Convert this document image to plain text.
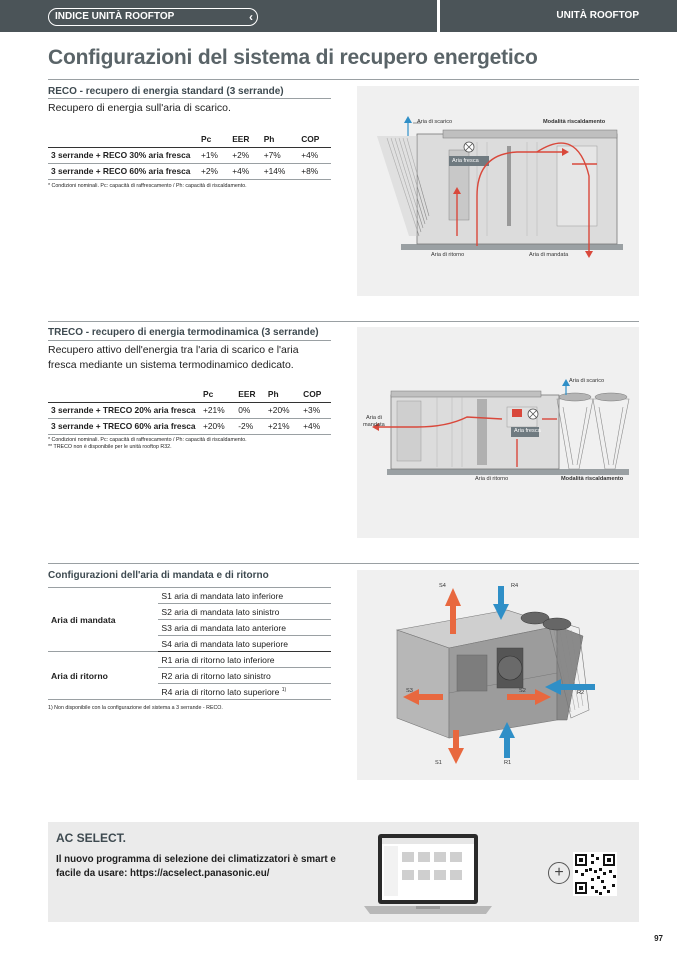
INDICE UNITÀ ROOFTOP	‹	UNITÀ ROOFTOP
Configurazioni del sistema di recupero energetico
RECO - recupero di energia standard (3 serrande)
Recupero di energia sull'aria di scarico.
	Pc	EER	Ph	COP
3 serrande + RECO 30% aria fresca	+1%	+2%	+7%	+4%
3 serrande + RECO 60% aria fresca	+2%	+4%	+14%	+8%
* Condizioni nominali. Pc: capacità di raffrescamento / Ph: capacità di riscaldamento.
Aria di scarico	Modalità riscaldamento
Aria fresca
Aria di ritorno	Aria di mandata
TRECO - recupero di energia termodinamica (3 serrande)
Recupero attivo dell'energia tra l'aria di scarico e l'aria
fresca mediante un sistema termodinamico dedicato.
	Pc	EER	Ph	COP
3 serrande + TRECO 20% aria fresca	+21%	0%	+20%	+3%
3 serrande + TRECO 60% aria fresca	+20%	-2%	+21%	+4%
* Condizioni nominali. Pc: capacità di raffrescamento / Ph: capacità di riscaldamento.
** TRECO non è disponibile per le unità rooftop R32.
Aria di scarico
Aria di
mandata
Aria fresca
Aria di ritorno	Modalità riscaldamento
Configurazioni dell'aria di mandata e di ritorno
Aria di mandata	S1 aria di mandata lato inferiore
	S2 aria di mandata lato sinistro
	S3 aria di mandata lato anteriore
	S4 aria di mandata lato superiore
Aria di ritorno	R1 aria di ritorno lato inferiore
	R2 aria di ritorno lato sinistro
	R4 aria di ritorno lato superiore $^{1)}$
1) Non disponibile con la configurazione del sistema a 3 serrande - RECO.
S4	R4
S3	S2	R2
S1	R1
AC SELECT.
Il nuovo programma di selezione dei climatizzatori è smart e facile da usare: https://acselect.panasonic.eu/	+
97
